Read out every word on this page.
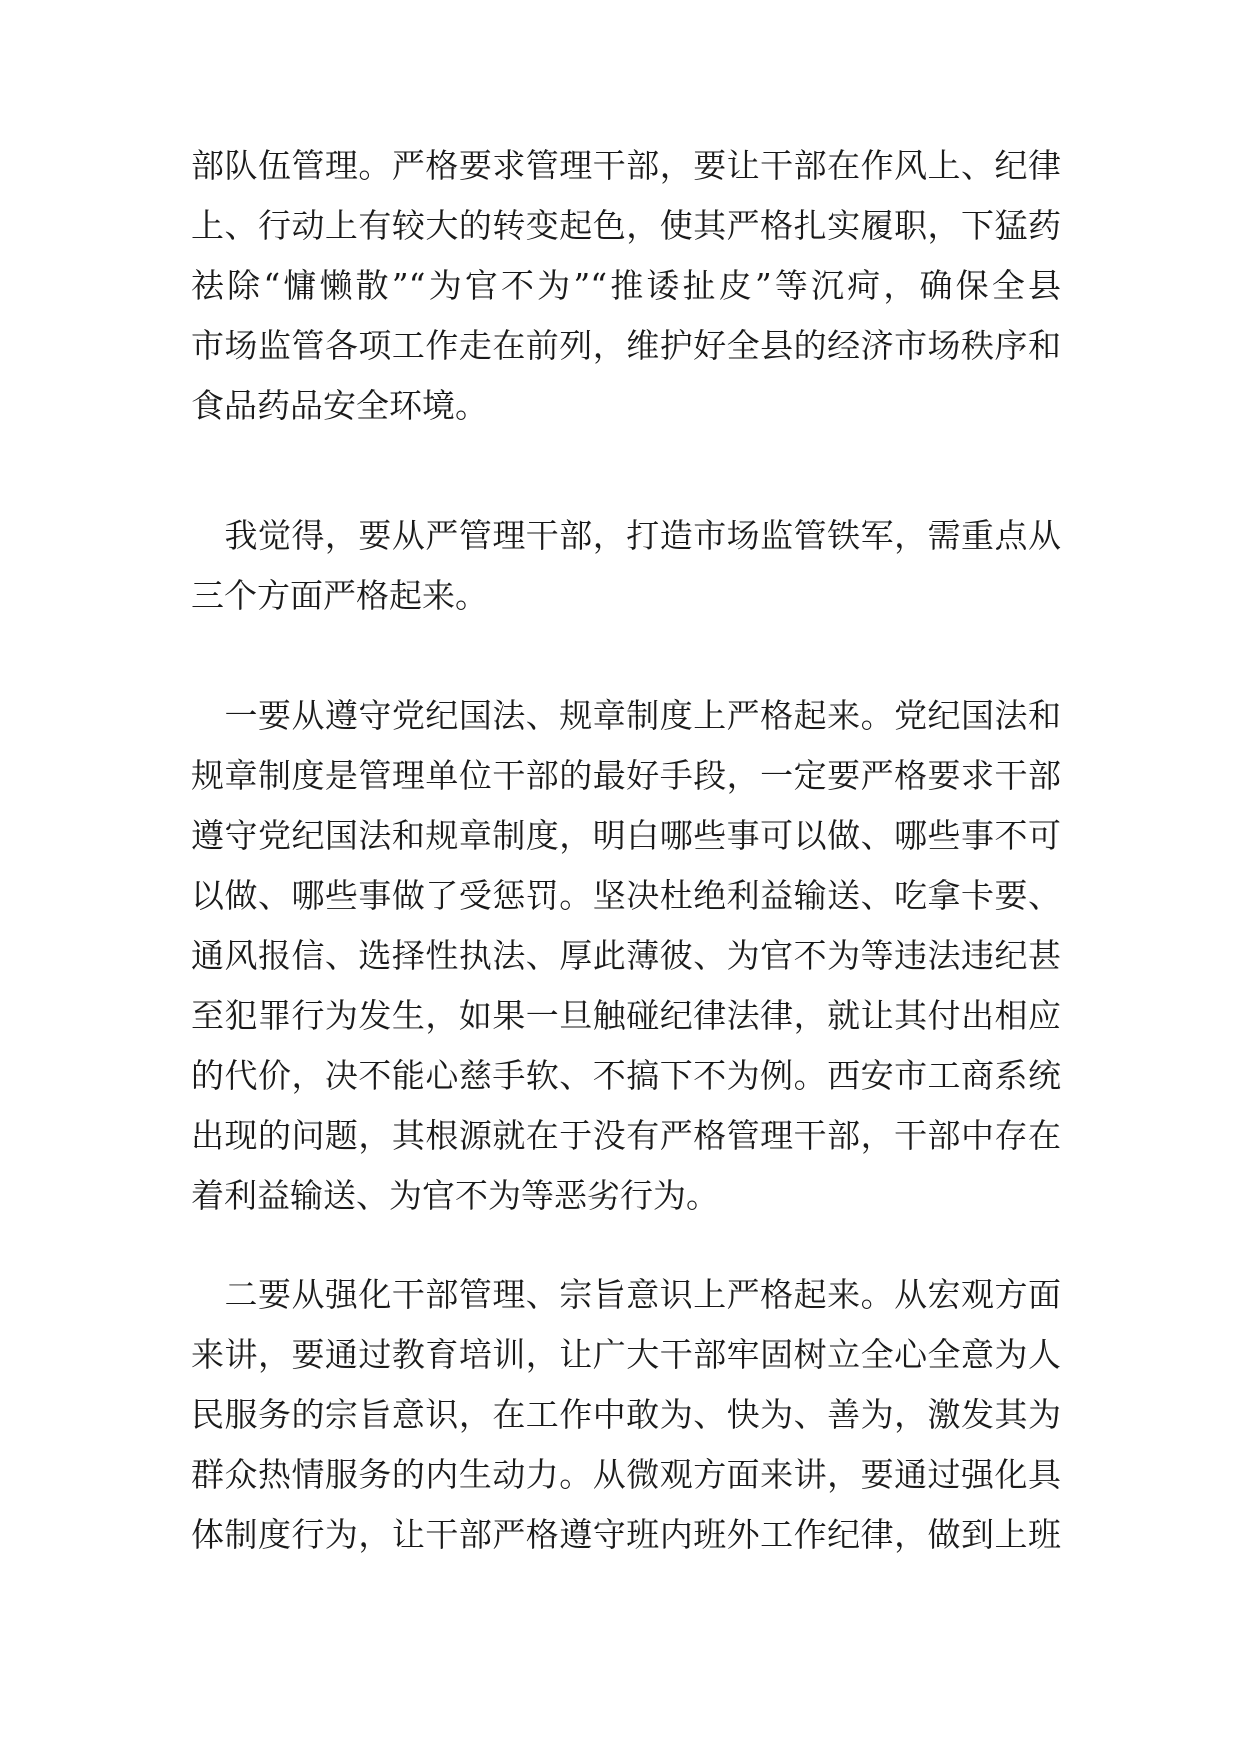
部队伍管理。严格要求管理干部，要让干部在作风上、纪律
上、行动上有较大的转变起色，使其严格扎实履职，下猛药
祛除“慵懒散”“为官不为”“推诿扯皮”等沉疴，确保全县
市场监管各项工作走在前列，维护好全县的经济市场秩序和
食品药品安全环境。
　我觉得，要从严管理干部，打造市场监管铁军，需重点从
三个方面严格起来。
　一要从遵守党纪国法、规章制度上严格起来。党纪国法和
规章制度是管理单位干部的最好手段，一定要严格要求干部
遵守党纪国法和规章制度，明白哪些事可以做、哪些事不可
以做、哪些事做了受惩罚。坚决杜绝利益输送、吃拿卡要、
通风报信、选择性执法、厚此薄彼、为官不为等违法违纪甚
至犯罪行为发生，如果一旦触碰纪律法律，就让其付出相应
的代价，决不能心慈手软、不搞下不为例。西安市工商系统
出现的问题，其根源就在于没有严格管理干部，干部中存在
着利益输送、为官不为等恶劣行为。
　二要从强化干部管理、宗旨意识上严格起来。从宏观方面
来讲，要通过教育培训，让广大干部牢固树立全心全意为人
民服务的宗旨意识，在工作中敢为、快为、善为，激发其为
群众热情服务的内生动力。从微观方面来讲，要通过强化具
体制度行为，让干部严格遵守班内班外工作纪律，做到上班
